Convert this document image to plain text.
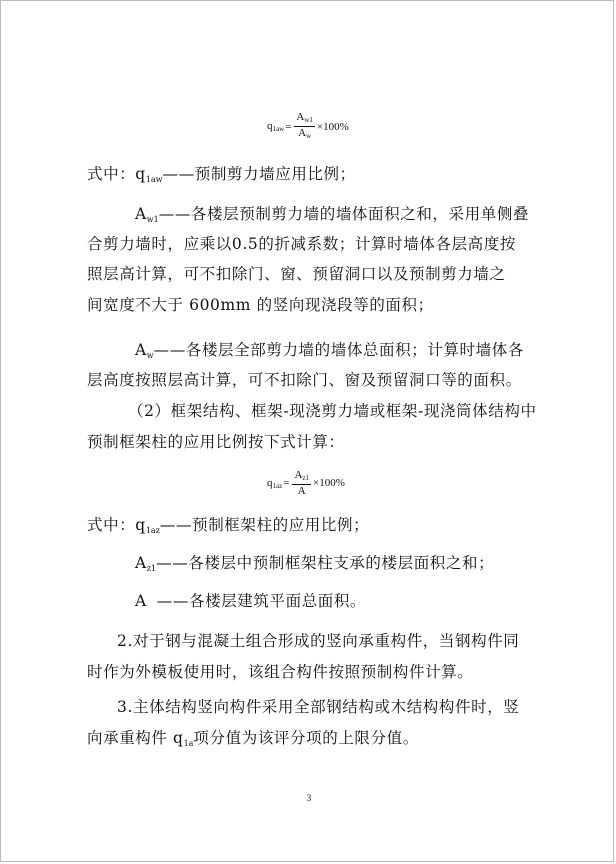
$q1aw = \frac{Aw1}{Aw} \times 100\%$
式中：$q_{1aw}——$预制剪力墙应用比例；
$A_{w1}——$各楼层预制剪力墙的墙体面积之和，采用单侧叠
合剪力墙时，应乘以0.5的折减系数；计算时墙体各层高度按
照层高计算，可不扣除门、窗、预留洞口以及预制剪力墙之
间宽度不大于 600mm 的竖向现浇段等的面积；
$A_w——$各楼层全部剪力墙的墙体总面积；计算时墙体各
层高度按照层高计算，可不扣除门、窗及预留洞口等的面积。
（2）框架结构、框架-现浇剪力墙或框架-现浇筒体结构中
预制框架柱的应用比例按下式计算：
$q1az = \frac{Az1}{A} \times 100\%$
式中：$q_{1az}——$预制框架柱的应用比例；
$A_{z1}——$各楼层中预制框架柱支承的楼层面积之和；
A ——各楼层建筑平面总面积。
2.对于钢与混凝土组合形成的竖向承重构件，当钢构件同
时作为外模板使用时，该组合构件按照预制构件计算。
3.主体结构竖向构件采用全部钢结构或木结构构件时，竖
向承重构件 $q_{1a}$项分值为该评分项的上限分值。
3
